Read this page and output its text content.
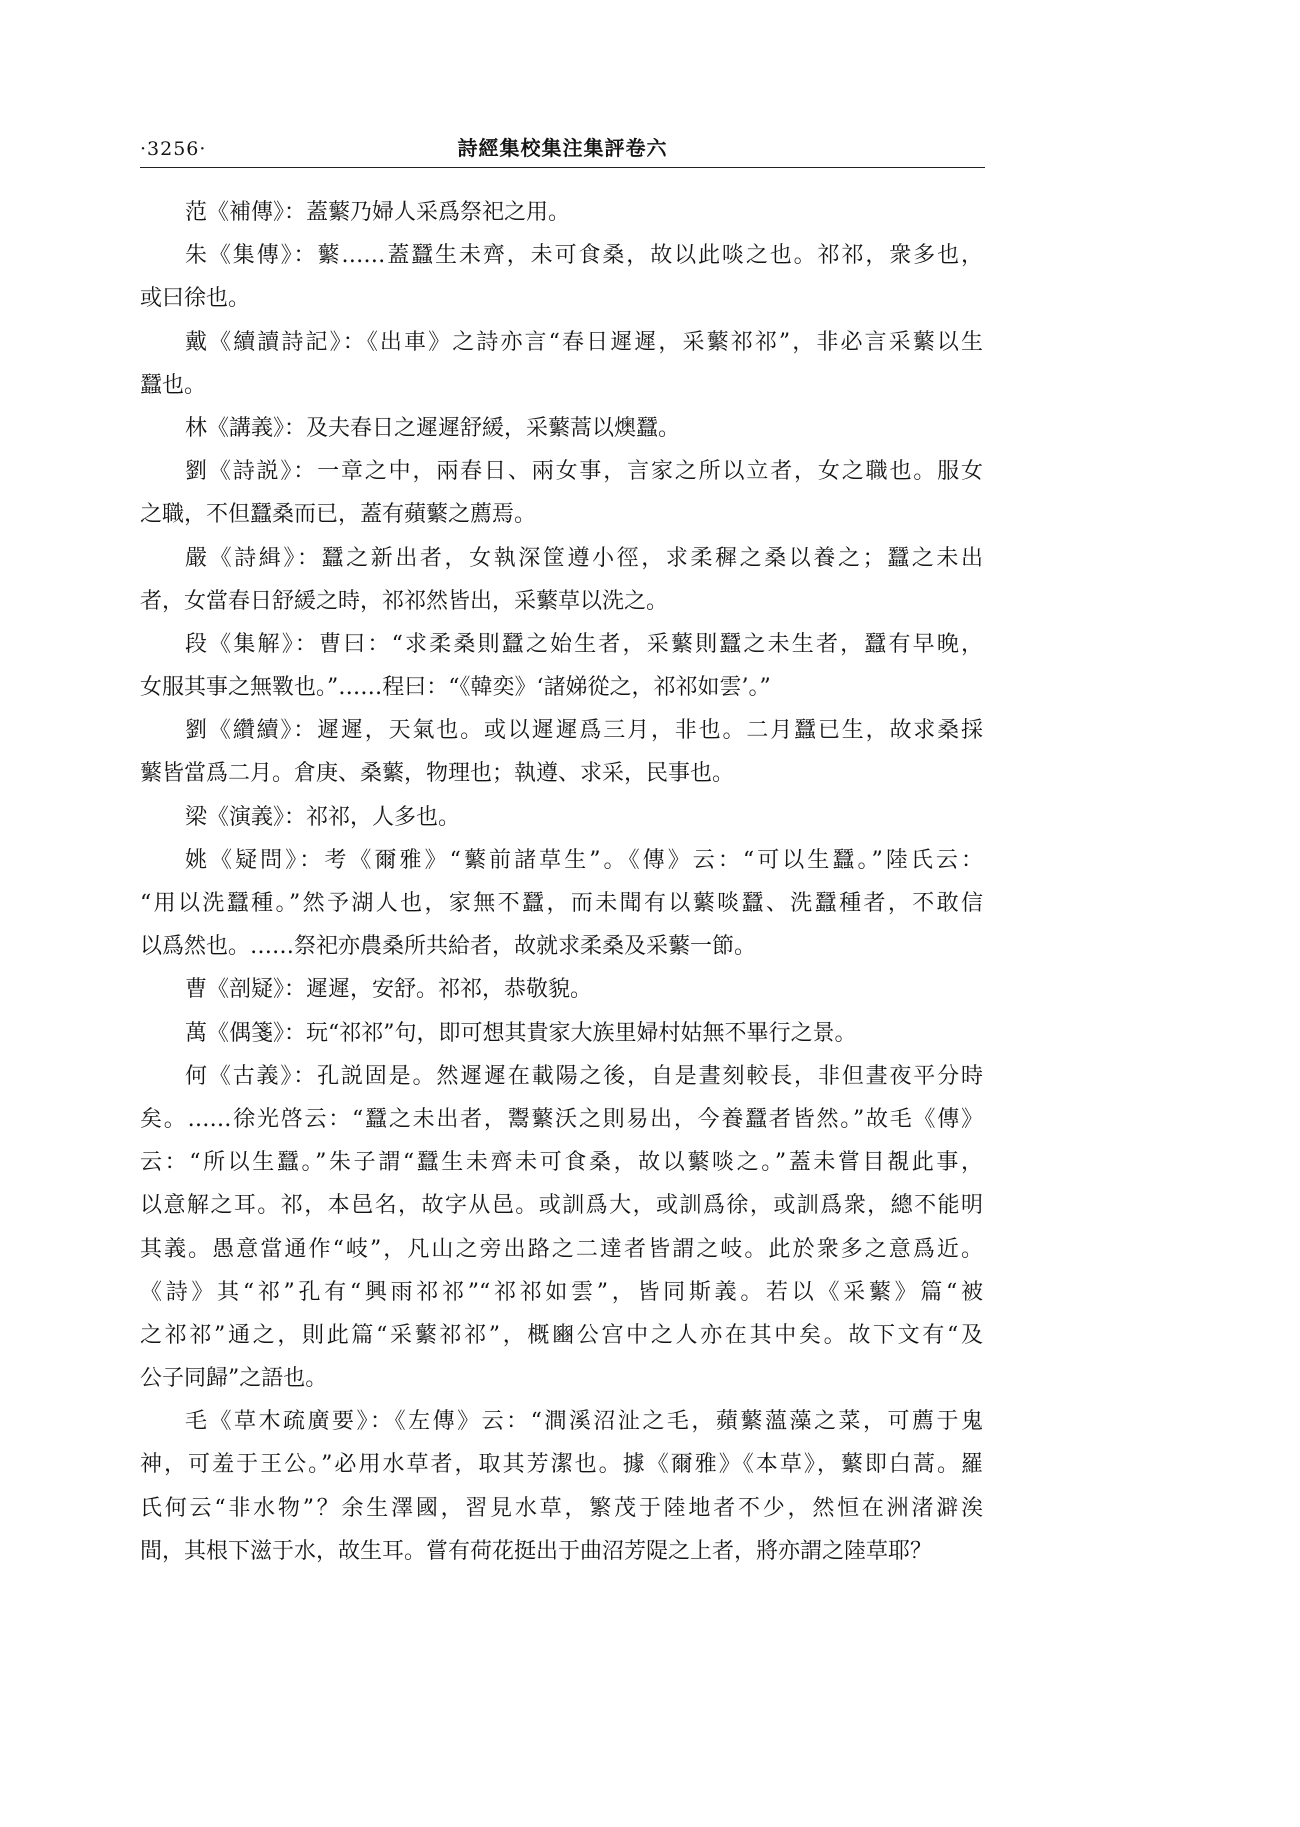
·3256·	詩經集校集注集評卷六
范《補傳》：蓋蘩乃婦人采爲祭祀之用。
朱《集傳》：蘩……蓋蠶生未齊，未可食桑，故以此啖之也。祁祁，衆多也，
或曰徐也。
戴《續讀詩記》：《出車》之詩亦言“春日遲遲，采蘩祁祁”，非必言采蘩以生
蠶也。
林《講義》：及夫春日之遲遲舒緩，采蘩蒿以燠蠶。
劉《詩説》：一章之中，兩春日、兩女事，言家之所以立者，女之職也。服女
之職，不但蠶桑而已，蓋有蘋蘩之薦焉。
嚴《詩緝》：蠶之新出者，女執深筐遵小徑，求柔穉之桑以養之；蠶之未出
者，女當春日舒緩之時，祁祁然皆出，采蘩草以洗之。
段《集解》：曹曰：“求柔桑則蠶之始生者，采蘩則蠶之未生者，蠶有早晚，
女服其事之無斁也。”……程曰：“《韓奕》‘諸娣從之，祁祁如雲’。”
劉《纘續》：遲遲，天氣也。或以遲遲爲三月，非也。二月蠶已生，故求桑採
蘩皆當爲二月。倉庚、桑蘩，物理也；執遵、求采，民事也。
梁《演義》：祁祁，人多也。
姚《疑問》：考《爾雅》“蘩前諸草生”。《傳》云：“可以生蠶。”陸氏云：
“用以洗蠶種。”然予湖人也，家無不蠶，而未聞有以蘩啖蠶、洗蠶種者，不敢信
以爲然也。……祭祀亦農桑所共給者，故就求柔桑及采蘩一節。
曹《剖疑》：遲遲，安舒。祁祁，恭敬貌。
萬《偶箋》：玩“祁祁”句，即可想其貴家大族里婦村姑無不畢行之景。
何《古義》：孔説固是。然遲遲在載陽之後，自是晝刻較長，非但晝夜平分時
矣。……徐光啓云：“蠶之未出者，鬻蘩沃之則易出，今養蠶者皆然。”故毛《傳》
云：“所以生蠶。”朱子謂“蠶生未齊未可食桑，故以蘩啖之。”蓋未嘗目覩此事，
以意解之耳。祁，本邑名，故字从邑。或訓爲大，或訓爲徐，或訓爲衆，總不能明
其義。愚意當通作“岐”，凡山之旁出路之二達者皆謂之岐。此於衆多之意爲近。
《詩》其“祁”孔有“興雨祁祁”“祁祁如雲”，皆同斯義。若以《采蘩》篇“被
之祁祁”通之，則此篇“采蘩祁祁”，概豳公宫中之人亦在其中矣。故下文有“及
公子同歸”之語也。
毛《草木疏廣要》：《左傳》云：“澗溪沼沚之毛，蘋蘩薀藻之菜，可薦于鬼
神，可羞于王公。”必用水草者，取其芳潔也。據《爾雅》《本草》，蘩即白蒿。羅
氏何云“非水物”？余生澤國，習見水草，繁茂于陸地者不少，然恒在洲渚澼涘
間，其根下滋于水，故生耳。嘗有荷花挺出于曲沼芳隄之上者，將亦謂之陸草耶？
